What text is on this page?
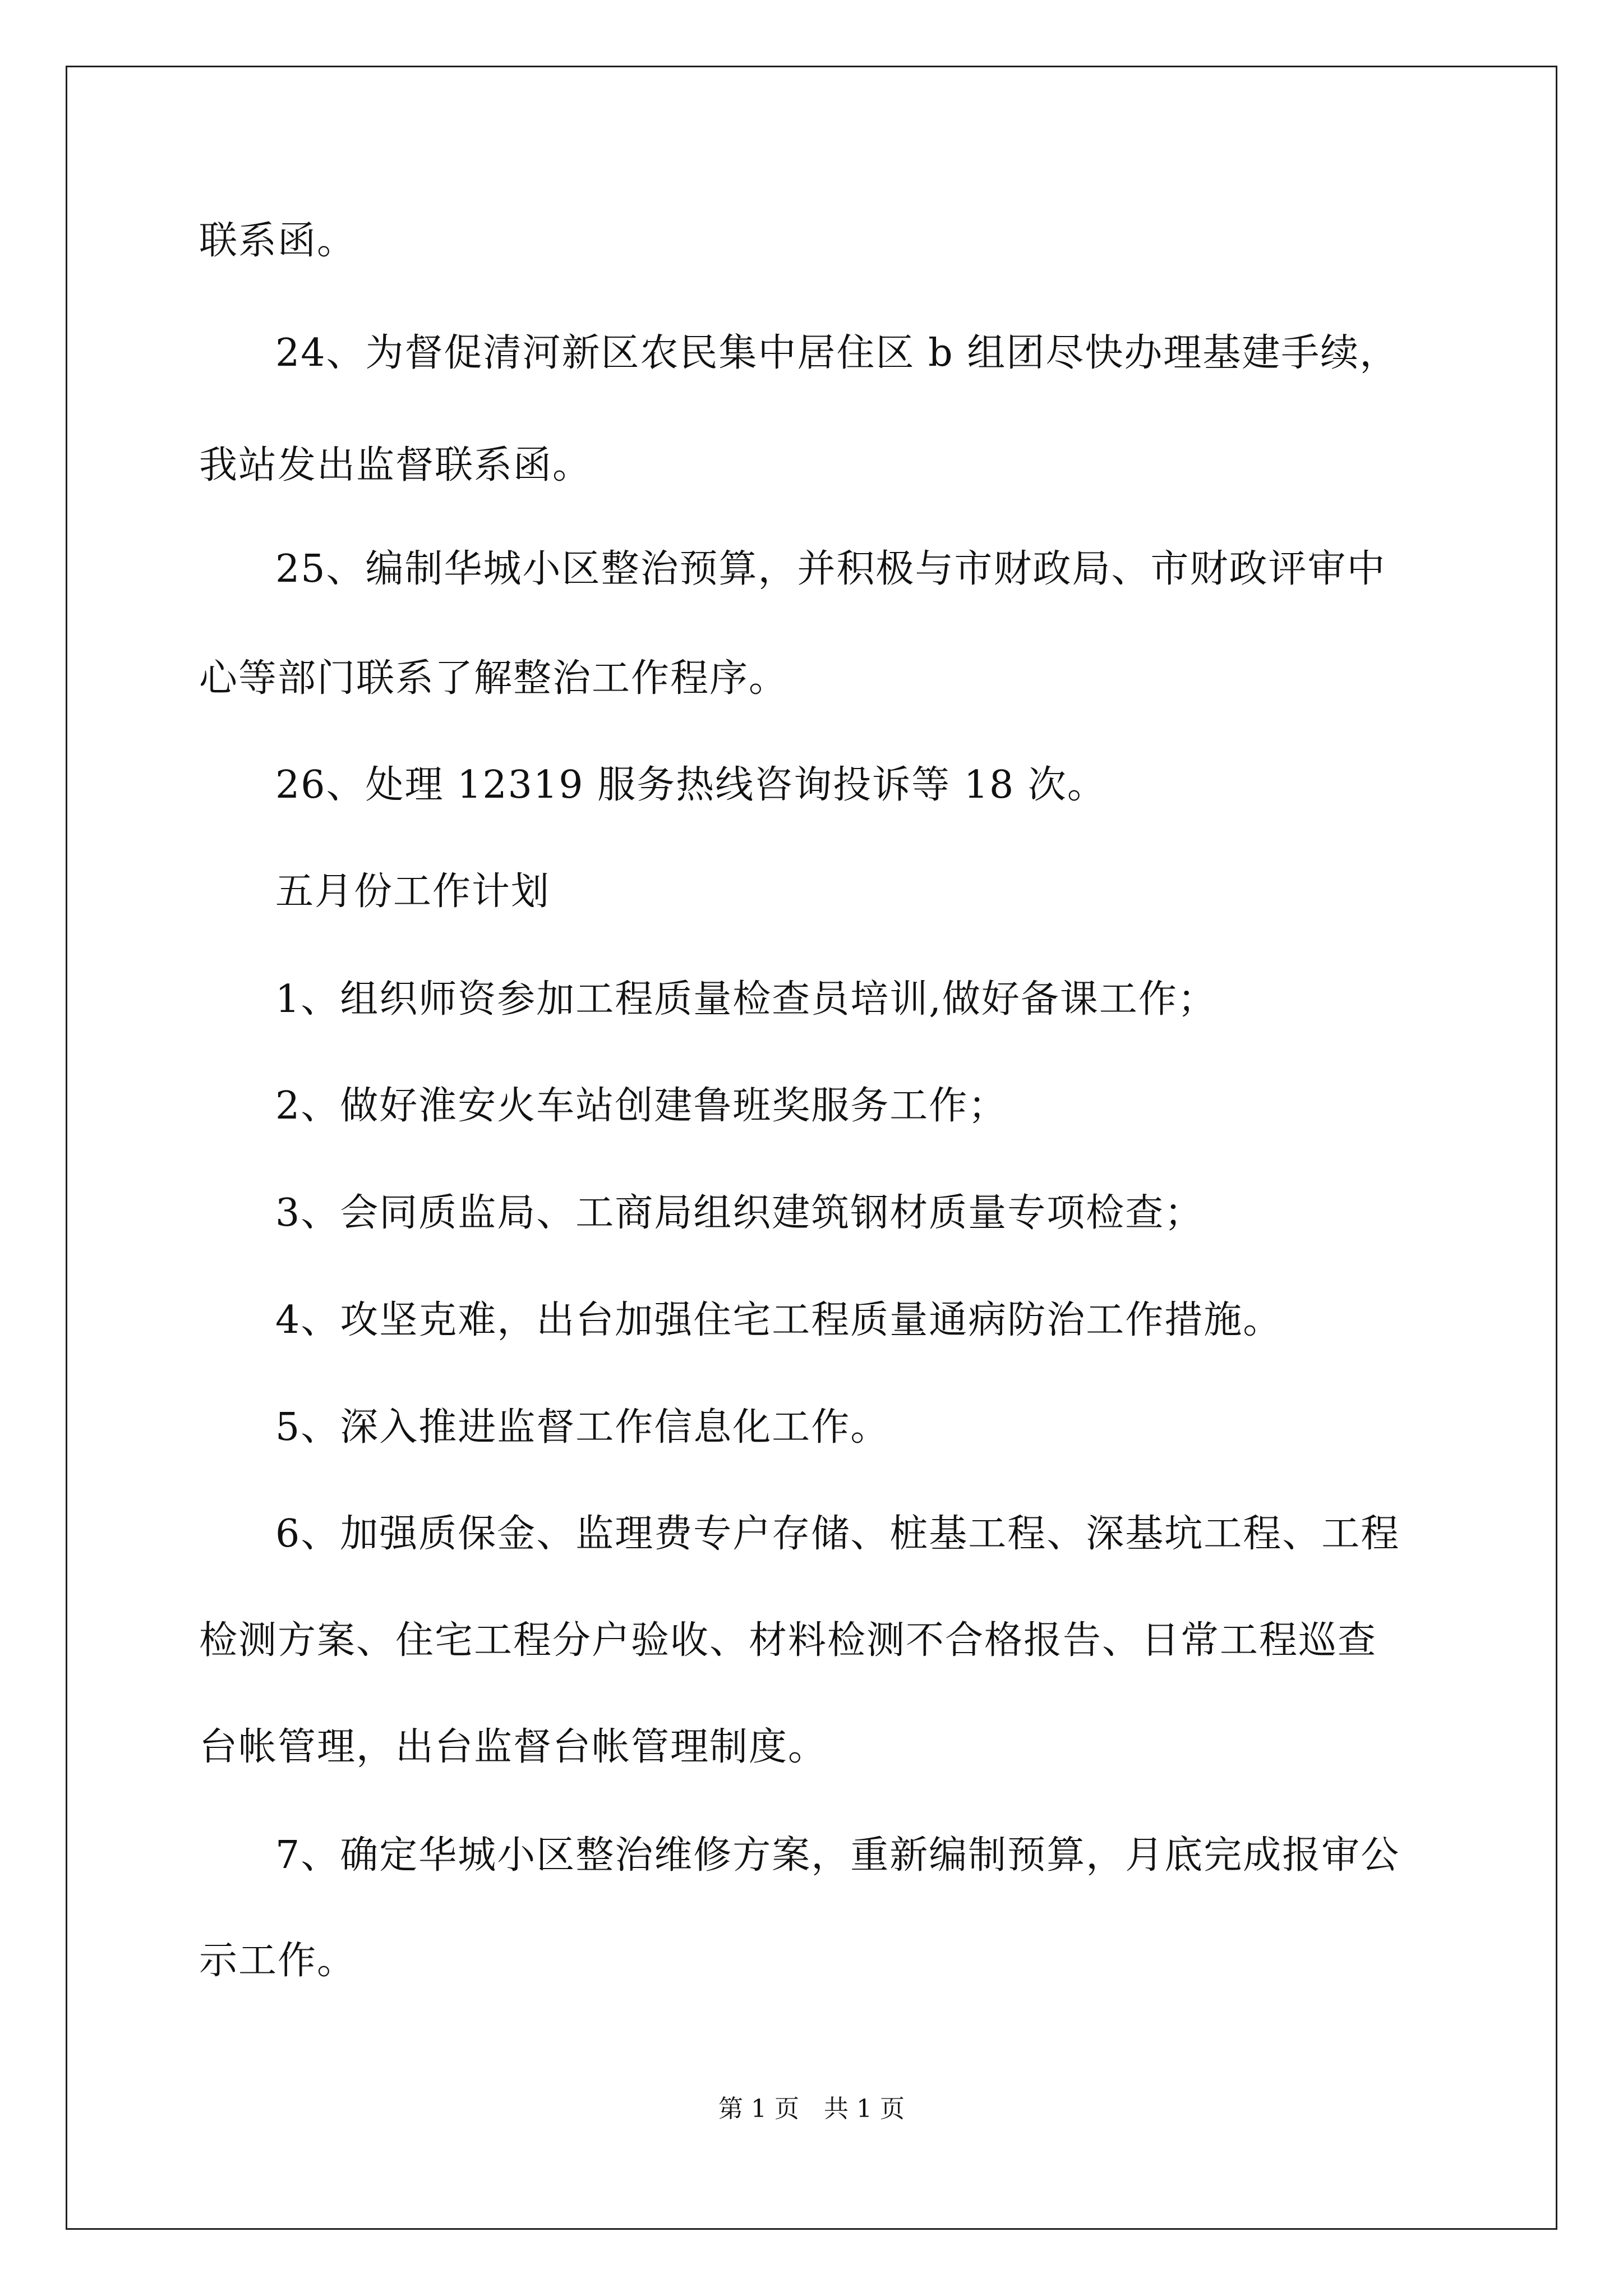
联系函。
24、为督促清河新区农民集中居住区 b 组团尽快办理基建手续，
我站发出监督联系函。
25、编制华城小区整治预算，并积极与市财政局、市财政评审中
心等部门联系了解整治工作程序。
26、处理 12319 服务热线咨询投诉等 18 次。
五月份工作计划
1、组织师资参加工程质量检查员培训,做好备课工作；
2、做好淮安火车站创建鲁班奖服务工作；
3、会同质监局、工商局组织建筑钢材质量专项检查；
4、攻坚克难，出台加强住宅工程质量通病防治工作措施。
5、深入推进监督工作信息化工作。
6、加强质保金、监理费专户存储、桩基工程、深基坑工程、工程
检测方案、住宅工程分户验收、材料检测不合格报告、日常工程巡查
台帐管理，出台监督台帐管理制度。
7、确定华城小区整治维修方案，重新编制预算，月底完成报审公
示工作。
第 1 页　共 1 页
